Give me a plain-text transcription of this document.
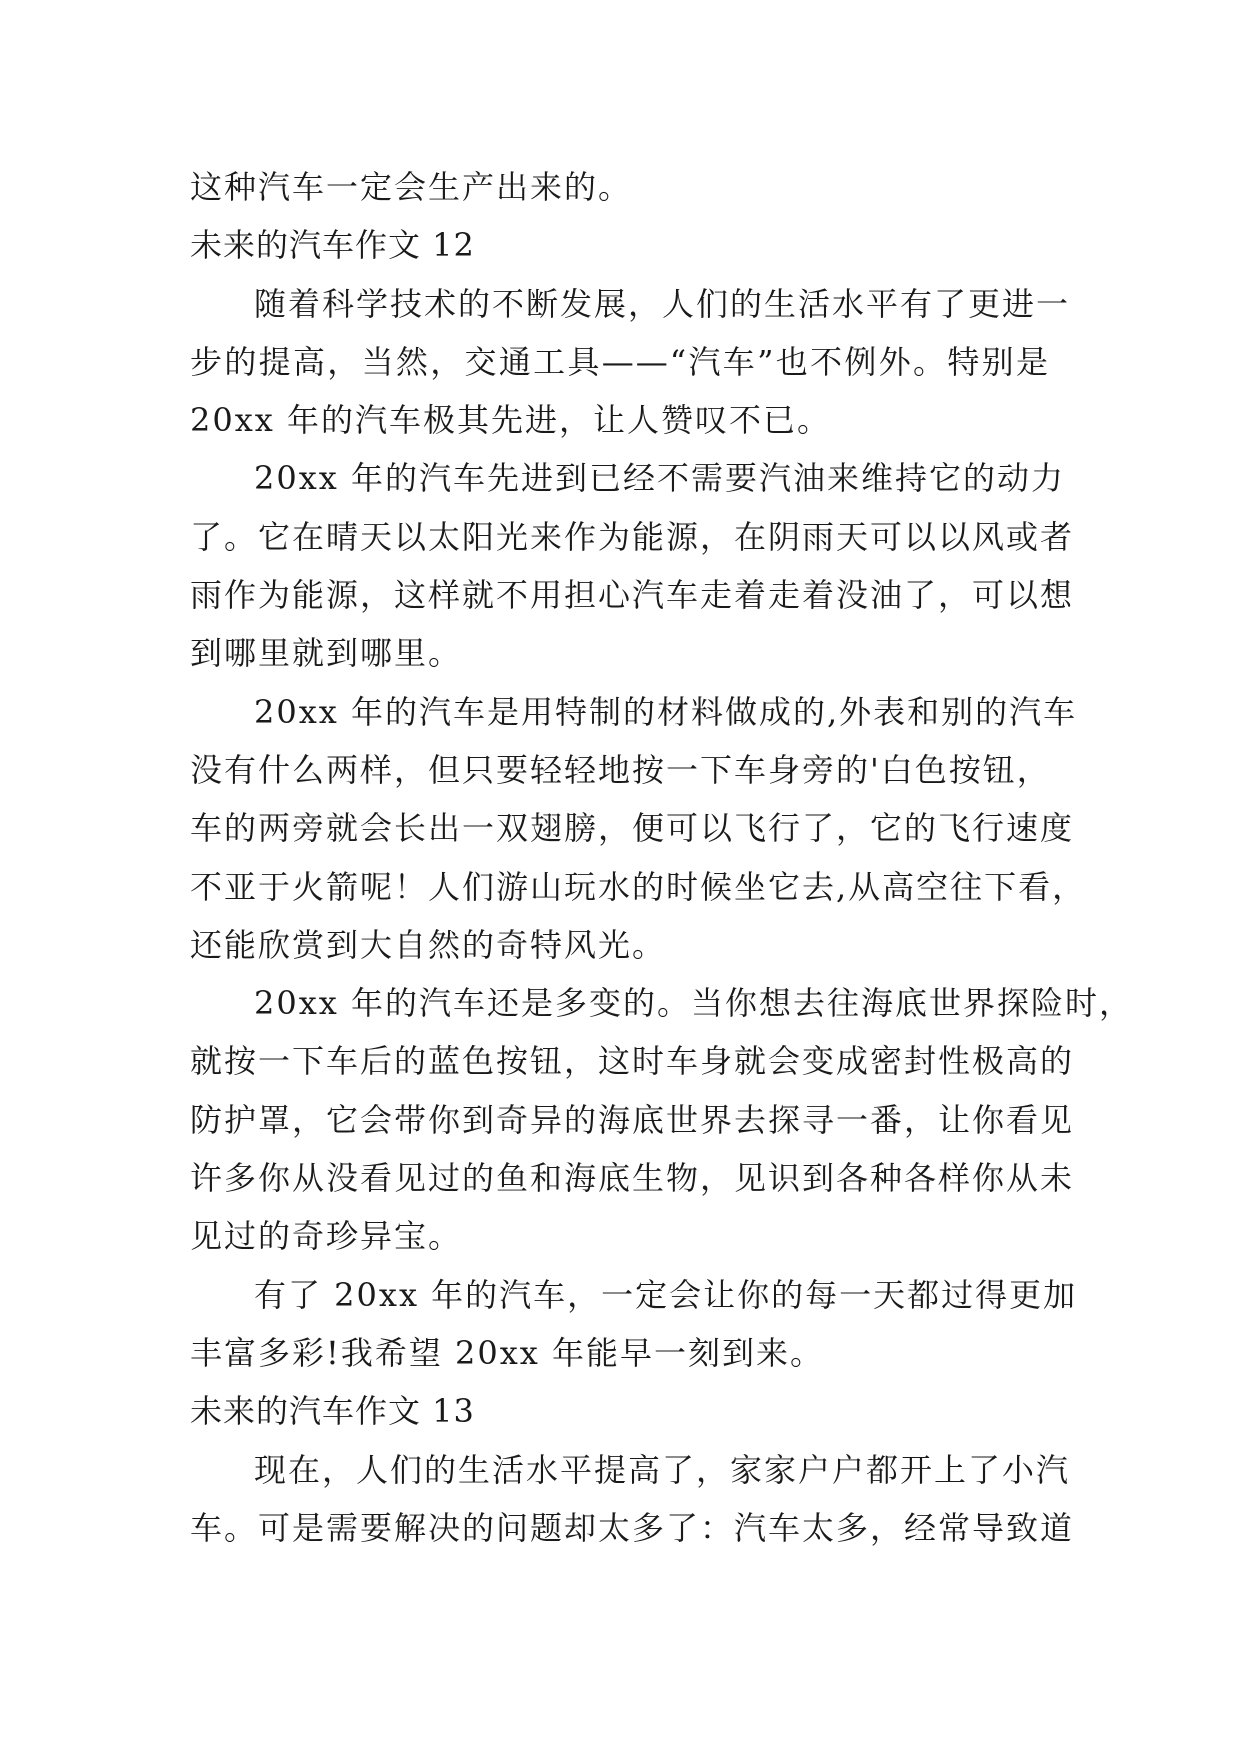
这种汽车一定会生产出来的。
未来的汽车作文 12
随着科学技术的不断发展，人们的生活水平有了更进一
步的提高，当然，交通工具——“汽车”也不例外。特别是
20xx 年的汽车极其先进，让人赞叹不已。
20xx 年的汽车先进到已经不需要汽油来维持它的动力
了。它在晴天以太阳光来作为能源，在阴雨天可以以风或者
雨作为能源，这样就不用担心汽车走着走着没油了，可以想
到哪里就到哪里。
20xx 年的汽车是用特制的材料做成的,外表和别的汽车
没有什么两样，但只要轻轻地按一下车身旁的'白色按钮，
车的两旁就会长出一双翅膀，便可以飞行了，它的飞行速度
不亚于火箭呢！人们游山玩水的时候坐它去,从高空往下看，
还能欣赏到大自然的奇特风光。
20xx 年的汽车还是多变的。当你想去往海底世界探险时，
就按一下车后的蓝色按钮，这时车身就会变成密封性极高的
防护罩，它会带你到奇异的海底世界去探寻一番，让你看见
许多你从没看见过的鱼和海底生物，见识到各种各样你从未
见过的奇珍异宝。
有了 20xx 年的汽车，一定会让你的每一天都过得更加
丰富多彩!我希望 20xx 年能早一刻到来。
未来的汽车作文 13
现在，人们的生活水平提高了，家家户户都开上了小汽
车。可是需要解决的问题却太多了：汽车太多，经常导致道
